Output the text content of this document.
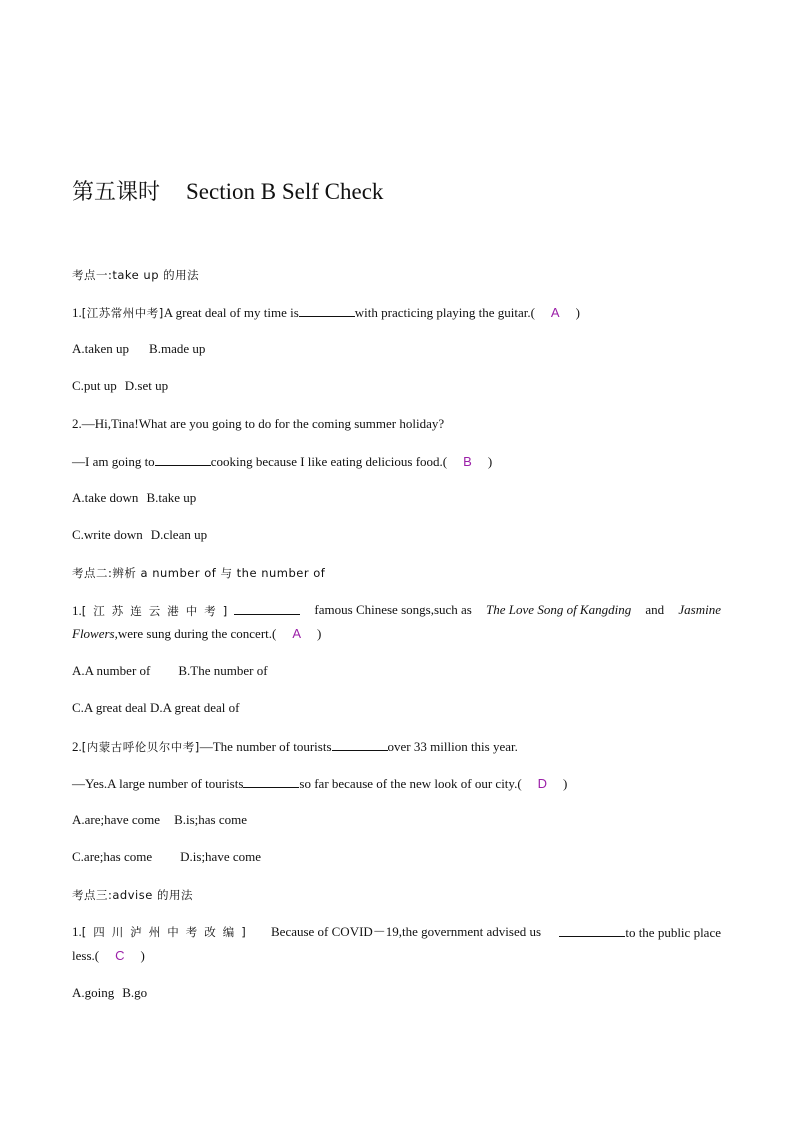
第五课时 Section B Self Check
考点一:take up 的用法
1.[江苏常州中考]A great deal of my time is	with practicing playing the guitar.( A )
A.taken up B.made up
C.put up D.set up
2.—Hi,Tina!What are you going to do for the coming summer holiday?
—I am going to	cooking because I like eating delicious food.( B )
A.take down B.take up
C.write down D.clean up
考点二:辨析 a number of 与 the number of
1.[江苏连云港中考]	famous Chinese songs,such as The Love Song of Kangding and Jasmine
Flowers,were sung during the concert.( A )
A.A number of B.The number of
C.A great deal D.A great deal of
2.[内蒙古呼伦贝尔中考]—The number of tourists	over 33 million this year.
—Yes.A large number of tourists	so far because of the new look of our city.( D )
A.are;have come B.is;has come
C.are;has come D.is;have come
考点三:advise 的用法
1.[四川泸州中考改编] Because of COVID－19,the government advised us	to the public place
less.( C )
A.going B.go
